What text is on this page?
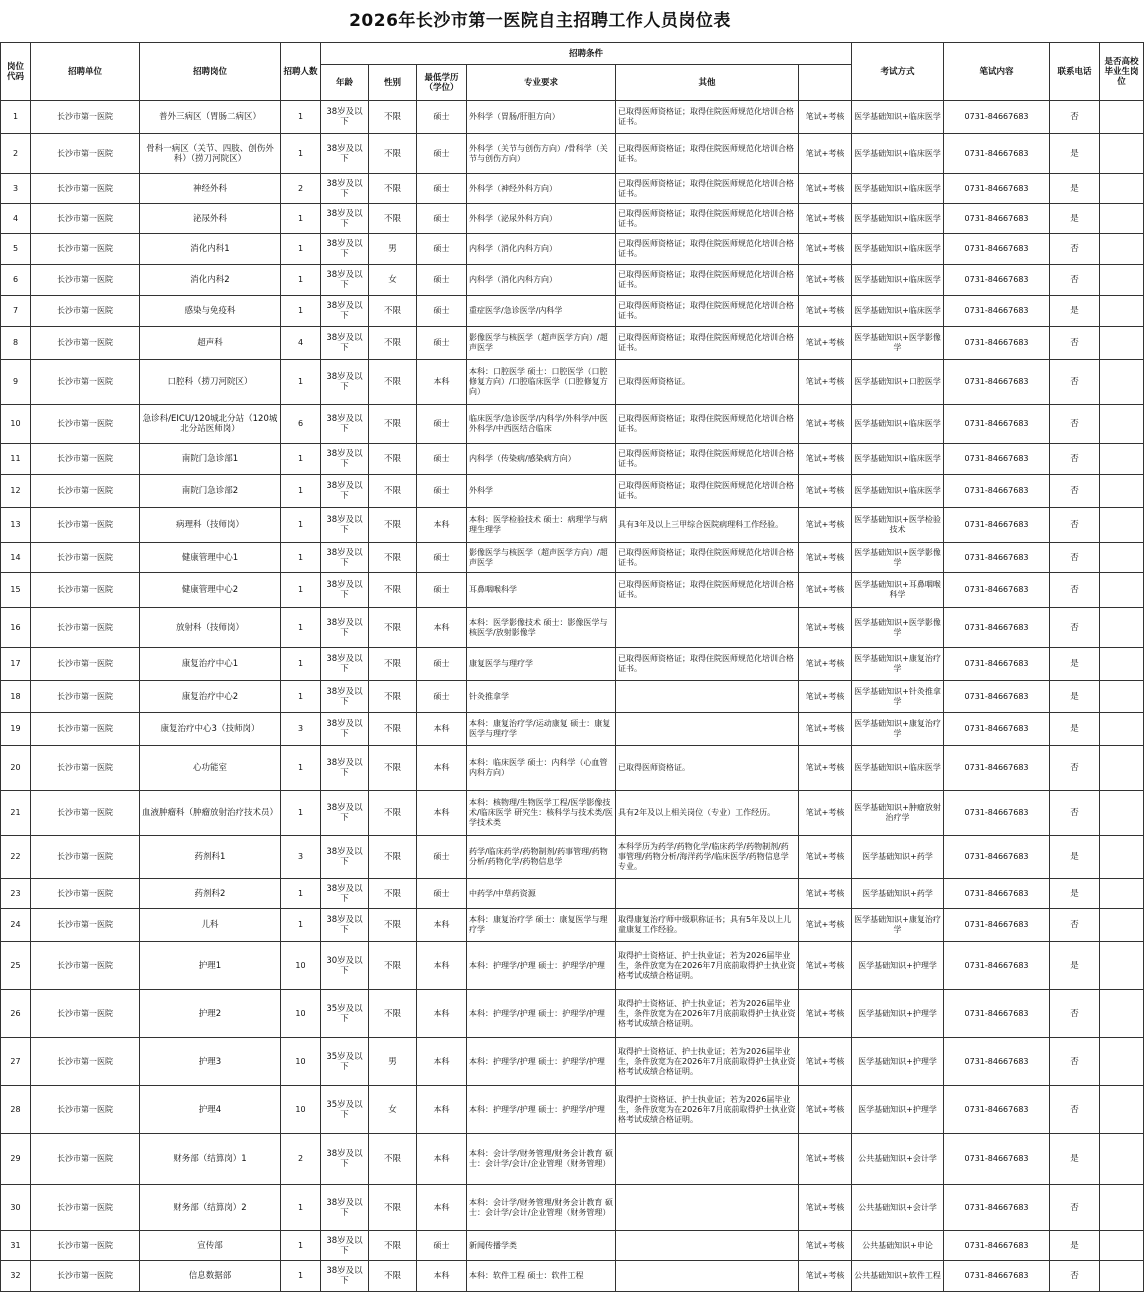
2026年长沙市第一医院自主招聘工作人员岗位表
岗位代码	招聘单位	招聘岗位	招聘人数	招聘条件						考试方式	笔试内容	联系电话	是否高校毕业生岗位	
				年龄	性别	最低学历（学位）	专业要求	其他						
1	长沙市第一医院	普外三病区（胃肠二病区）	1	38岁及以下	不限	硕士	外科学（胃肠/肝胆方向）	已取得医师资格证；取得住院医师规范化培训合格证书。	笔试+考核	医学基础知识+临床医学	0731-84667683	否		
2	长沙市第一医院	骨科一病区（关节、四肢、创伤外科）（捞刀河院区）	1	38岁及以下	不限	硕士	外科学（关节与创伤方向）/骨科学（关节与创伤方向）	已取得医师资格证；取得住院医师规范化培训合格证书。	笔试+考核	医学基础知识+临床医学	0731-84667683	是		
3	长沙市第一医院	神经外科	2	38岁及以下	不限	硕士	外科学（神经外科方向）	已取得医师资格证；取得住院医师规范化培训合格证书。	笔试+考核	医学基础知识+临床医学	0731-84667683	是		
4	长沙市第一医院	泌尿外科	1	38岁及以下	不限	硕士	外科学（泌尿外科方向）	已取得医师资格证；取得住院医师规范化培训合格证书。	笔试+考核	医学基础知识+临床医学	0731-84667683	是		
5	长沙市第一医院	消化内科1	1	38岁及以下	男	硕士	内科学（消化内科方向）	已取得医师资格证；取得住院医师规范化培训合格证书。	笔试+考核	医学基础知识+临床医学	0731-84667683	否		
6	长沙市第一医院	消化内科2	1	38岁及以下	女	硕士	内科学（消化内科方向）	已取得医师资格证；取得住院医师规范化培训合格证书。	笔试+考核	医学基础知识+临床医学	0731-84667683	否		
7	长沙市第一医院	感染与免疫科	1	38岁及以下	不限	硕士	重症医学/急诊医学/内科学	已取得医师资格证；取得住院医师规范化培训合格证书。	笔试+考核	医学基础知识+临床医学	0731-84667683	是		
8	长沙市第一医院	超声科	4	38岁及以下	不限	硕士	影像医学与核医学（超声医学方向）/超声医学	已取得医师资格证；取得住院医师规范化培训合格证书。	笔试+考核	医学基础知识+医学影像学	0731-84667683	否		
9	长沙市第一医院	口腔科（捞刀河院区）	1	38岁及以下	不限	本科	本科：口腔医学 硕士：口腔医学（口腔修复方向）/口腔临床医学（口腔修复方向）	已取得医师资格证。	笔试+考核	医学基础知识+口腔医学	0731-84667683	否		
10	长沙市第一医院	急诊科/EICU/120城北分站（120城北分站医师岗）	6	38岁及以下	不限	硕士	临床医学/急诊医学/内科学/外科学/中医外科学/中西医结合临床	已取得医师资格证；取得住院医师规范化培训合格证书。	笔试+考核	医学基础知识+临床医学	0731-84667683	否		
11	长沙市第一医院	南院门急诊部1	1	38岁及以下	不限	硕士	内科学（传染病/感染病方向）	已取得医师资格证；取得住院医师规范化培训合格证书。	笔试+考核	医学基础知识+临床医学	0731-84667683	否		
12	长沙市第一医院	南院门急诊部2	1	38岁及以下	不限	硕士	外科学	已取得医师资格证；取得住院医师规范化培训合格证书。	笔试+考核	医学基础知识+临床医学	0731-84667683	否		
13	长沙市第一医院	病理科（技师岗）	1	38岁及以下	不限	本科	本科：医学检验技术 硕士：病理学与病理生理学	具有3年及以上三甲综合医院病理科工作经验。	笔试+考核	医学基础知识+医学检验技术	0731-84667683	否		
14	长沙市第一医院	健康管理中心1	1	38岁及以下	不限	硕士	影像医学与核医学（超声医学方向）/超声医学	已取得医师资格证；取得住院医师规范化培训合格证书。	笔试+考核	医学基础知识+医学影像学	0731-84667683	否		
15	长沙市第一医院	健康管理中心2	1	38岁及以下	不限	硕士	耳鼻咽喉科学	已取得医师资格证；取得住院医师规范化培训合格证书。	笔试+考核	医学基础知识+耳鼻咽喉科学	0731-84667683	否		
16	长沙市第一医院	放射科（技师岗）	1	38岁及以下	不限	本科	本科：医学影像技术 硕士：影像医学与核医学/放射影像学		笔试+考核	医学基础知识+医学影像学	0731-84667683	否		
17	长沙市第一医院	康复治疗中心1	1	38岁及以下	不限	硕士	康复医学与理疗学	已取得医师资格证；取得住院医师规范化培训合格证书。	笔试+考核	医学基础知识+康复治疗学	0731-84667683	是		
18	长沙市第一医院	康复治疗中心2	1	38岁及以下	不限	硕士	针灸推拿学		笔试+考核	医学基础知识+针灸推拿学	0731-84667683	是		
19	长沙市第一医院	康复治疗中心3（技师岗）	3	38岁及以下	不限	本科	本科：康复治疗学/运动康复 硕士：康复医学与理疗学		笔试+考核	医学基础知识+康复治疗学	0731-84667683	是		
20	长沙市第一医院	心功能室	1	38岁及以下	不限	本科	本科：临床医学 硕士：内科学（心血管内科方向）	已取得医师资格证。	笔试+考核	医学基础知识+临床医学	0731-84667683	否		
21	长沙市第一医院	血液肿瘤科（肿瘤放射治疗技术员）	1	38岁及以下	不限	本科	本科：核物理/生物医学工程/医学影像技术/临床医学 研究生：核科学与技术类/医学技术类	具有2年及以上相关岗位（专业）工作经历。	笔试+考核	医学基础知识+肿瘤放射治疗学	0731-84667683	否		
22	长沙市第一医院	药剂科1	3	38岁及以下	不限	硕士	药学/临床药学/药物制剂/药事管理/药物分析/药物化学/药物信息学	本科学历为药学/药物化学/临床药学/药物制剂/药事管理/药物分析/海洋药学/临床医学/药物信息学专业。	笔试+考核	医学基础知识+药学	0731-84667683	是		
23	长沙市第一医院	药剂科2	1	38岁及以下	不限	硕士	中药学/中草药资源		笔试+考核	医学基础知识+药学	0731-84667683	是		
24	长沙市第一医院	儿科	1	38岁及以下	不限	本科	本科：康复治疗学 硕士：康复医学与理疗学	取得康复治疗师中级职称证书；具有5年及以上儿童康复工作经验。	笔试+考核	医学基础知识+康复治疗学	0731-84667683	否		
25	长沙市第一医院	护理1	10	30岁及以下	不限	本科	本科：护理学/护理 硕士：护理学/护理	取得护士资格证、护士执业证；若为2026届毕业生，条件放宽为在2026年7月底前取得护士执业资格考试成绩合格证明。	笔试+考核	医学基础知识+护理学	0731-84667683	是		
26	长沙市第一医院	护理2	10	35岁及以下	不限	本科	本科：护理学/护理 硕士：护理学/护理	取得护士资格证、护士执业证；若为2026届毕业生，条件放宽为在2026年7月底前取得护士执业资格考试成绩合格证明。	笔试+考核	医学基础知识+护理学	0731-84667683	否		
27	长沙市第一医院	护理3	10	35岁及以下	男	本科	本科：护理学/护理 硕士：护理学/护理	取得护士资格证、护士执业证；若为2026届毕业生，条件放宽为在2026年7月底前取得护士执业资格考试成绩合格证明。	笔试+考核	医学基础知识+护理学	0731-84667683	否		
28	长沙市第一医院	护理4	10	35岁及以下	女	本科	本科：护理学/护理 硕士：护理学/护理	取得护士资格证、护士执业证；若为2026届毕业生，条件放宽为在2026年7月底前取得护士执业资格考试成绩合格证明。	笔试+考核	医学基础知识+护理学	0731-84667683	否		
29	长沙市第一医院	财务部（结算岗）1	2	38岁及以下	不限	本科	本科：会计学/财务管理/财务会计教育 硕士：会计学/会计/企业管理（财务管理）		笔试+考核	公共基础知识+会计学	0731-84667683	是		
30	长沙市第一医院	财务部（结算岗）2	1	38岁及以下	不限	本科	本科：会计学/财务管理/财务会计教育 硕士：会计学/会计/企业管理（财务管理）		笔试+考核	公共基础知识+会计学	0731-84667683	否		
31	长沙市第一医院	宣传部	1	38岁及以下	不限	硕士	新闻传播学类		笔试+考核	公共基础知识+申论	0731-84667683	是		
32	长沙市第一医院	信息数据部	1	38岁及以下	不限	本科	本科：软件工程 硕士：软件工程		笔试+考核	公共基础知识+软件工程	0731-84667683	否		
